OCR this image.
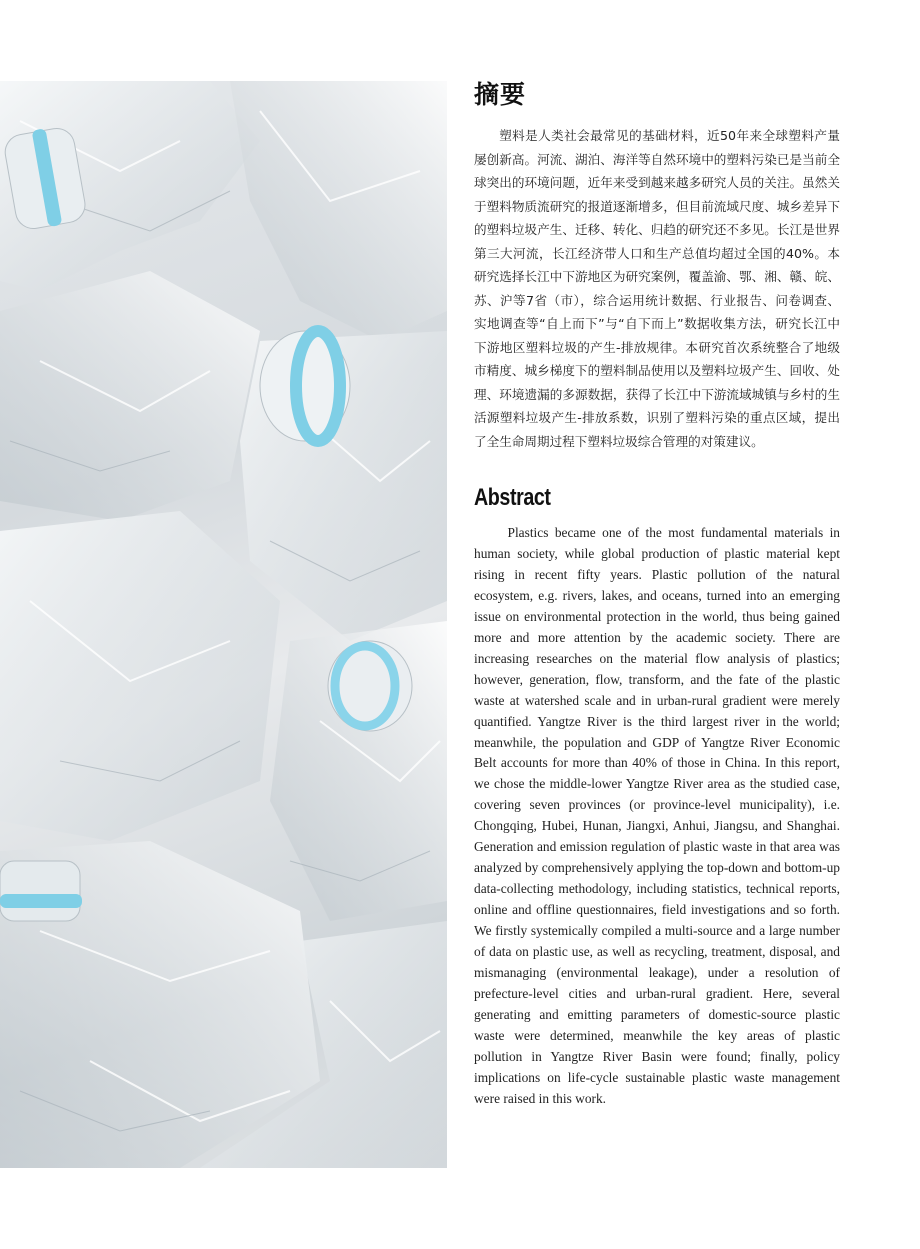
摘要

塑料是人类社会最常见的基础材料，近50年来全球塑料产量屡创新高。河流、湖泊、海洋等自然环境中的塑料污染已是当前全球突出的环境问题，近年来受到越来越多研究人员的关注。虽然关于塑料物质流研究的报道逐渐增多，但目前流域尺度、城乡差异下的塑料垃圾产生、迁移、转化、归趋的研究还不多见。长江是世界第三大河流，长江经济带人口和生产总值均超过全国的40%。本研究选择长江中下游地区为研究案例，覆盖渝、鄂、湘、赣、皖、苏、沪等7省（市），综合运用统计数据、行业报告、问卷调查、实地调查等“自上而下”与“自下而上”数据收集方法，研究长江中下游地区塑料垃圾的产生-排放规律。本研究首次系统整合了地级市精度、城乡梯度下的塑料制品使用以及塑料垃圾产生、回收、处理、环境遗漏的多源数据，获得了长江中下游流域城镇与乡村的生活源塑料垃圾产生-排放系数，识别了塑料污染的重点区域，提出了全生命周期过程下塑料垃圾综合管理的对策建议。

Abstract

Plastics became one of the most fundamental materials in human society, while global production of plastic material kept rising in recent fifty years. Plastic pollution of the natural ecosystem, e.g. rivers, lakes, and oceans, turned into an emerging issue on environmental protection in the world, thus being gained more and more attention by the academic society. There are increasing researches on the material flow analysis of plastics; however, generation, flow, transform, and the fate of the plastic waste at watershed scale and in urban-rural gradient were merely quantified. Yangtze River is the third largest river in the world; meanwhile, the population and GDP of Yangtze River Economic Belt accounts for more than 40% of those in China. In this report, we chose the middle-lower Yangtze River area as the studied case, covering seven provinces (or province-level municipality), i.e. Chongqing, Hubei, Hunan, Jiangxi, Anhui, Jiangsu, and Shanghai. Generation and emission regulation of plastic waste in that area was analyzed by comprehensively applying the top-down and bottom-up data-collecting methodology, including statistics, technical reports, online and offline questionnaires, field investigations and so forth. We firstly systemically compiled a multi-source and a large number of data on plastic use, as well as recycling, treatment, disposal, and mismanaging (environmental leakage), under a resolution of prefecture-level cities and urban-rural gradient. Here, several generating and emitting parameters of domestic-source plastic waste were determined, meanwhile the key areas of plastic pollution in Yangtze River Basin were found; finally, policy implications on life-cycle sustainable plastic waste management were raised in this work.
